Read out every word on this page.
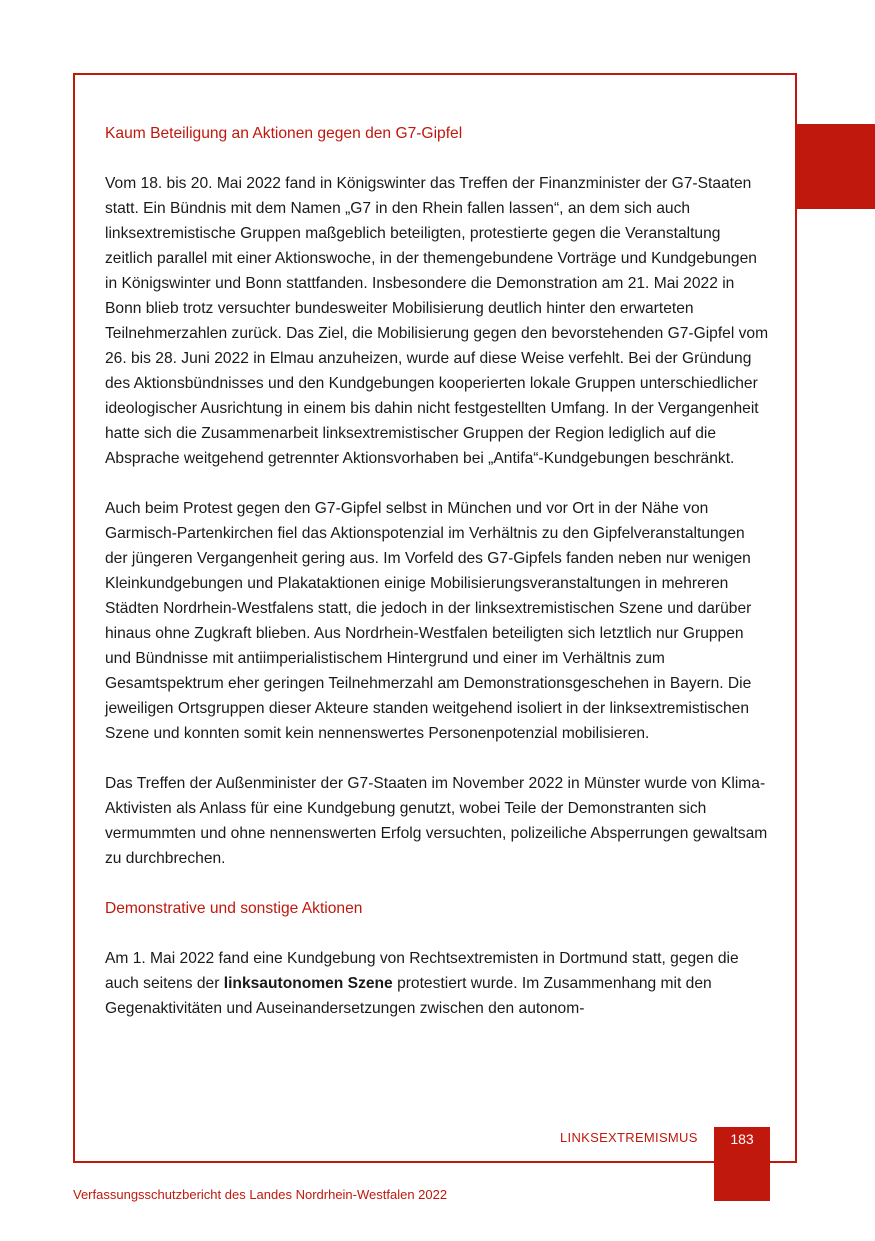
Kaum Beteiligung an Aktionen gegen den G7-Gipfel

Vom 18. bis 20. Mai 2022 fand in Königswinter das Treffen der Finanzminister der G7-Staaten statt. Ein Bündnis mit dem Namen „G7 in den Rhein fallen lassen“, an dem sich auch linksextremistische Gruppen maßgeblich beteiligten, protestierte gegen die Veranstaltung zeitlich parallel mit einer Aktionswoche, in der themengebundene Vorträge und Kundgebungen in Königswinter und Bonn stattfanden. Insbesondere die Demonstration am 21. Mai 2022 in Bonn blieb trotz versuchter bundesweiter Mobilisierung deutlich hinter den erwarteten Teilnehmerzahlen zurück. Das Ziel, die Mobilisierung gegen den bevorstehenden G7-Gipfel vom 26. bis 28. Juni 2022 in Elmau anzuheizen, wurde auf diese Weise verfehlt. Bei der Gründung des Aktionsbündnisses und den Kundgebungen kooperierten lokale Gruppen unterschiedlicher ideologischer Ausrichtung in einem bis dahin nicht festgestellten Umfang. In der Vergangenheit hatte sich die Zusammenarbeit linksextremistischer Gruppen der Region lediglich auf die Absprache weitgehend getrennter Aktionsvorhaben bei „Antifa“-Kundgebungen beschränkt.

Auch beim Protest gegen den G7-Gipfel selbst in München und vor Ort in der Nähe von Garmisch-Partenkirchen fiel das Aktionspotenzial im Verhältnis zu den Gipfelveranstaltungen der jüngeren Vergangenheit gering aus. Im Vorfeld des G7-Gipfels fanden neben nur wenigen Kleinkundgebungen und Plakataktionen einige Mobilisierungsveranstaltungen in mehreren Städten Nordrhein-Westfalens statt, die jedoch in der linksextremistischen Szene und darüber hinaus ohne Zugkraft blieben. Aus Nordrhein-Westfalen beteiligten sich letztlich nur Gruppen und Bündnisse mit antiimperialistischem Hintergrund und einer im Verhältnis zum Gesamtspektrum eher geringen Teilnehmerzahl am Demonstrationsgeschehen in Bayern. Die jeweiligen Ortsgruppen dieser Akteure standen weitgehend isoliert in der linksextremistischen Szene und konnten somit kein nennenswertes Personenpotenzial mobilisieren.

Das Treffen der Außenminister der G7-Staaten im November 2022 in Münster wurde von Klima-Aktivisten als Anlass für eine Kundgebung genutzt, wobei Teile der Demonstranten sich vermummten und ohne nennenswerten Erfolg versuchten, polizeiliche Absperrungen gewaltsam zu durchbrechen.

Demonstrative und sonstige Aktionen

Am 1. Mai 2022 fand eine Kundgebung von Rechtsextremisten in Dortmund statt, gegen die auch seitens der linksautonomen Szene protestiert wurde. Im Zusammenhang mit den Gegenaktivitäten und Auseinandersetzungen zwischen den autonom-

LINKSEXTREMISMUS	183
Verfassungsschutzbericht des Landes Nordrhein-Westfalen 2022
